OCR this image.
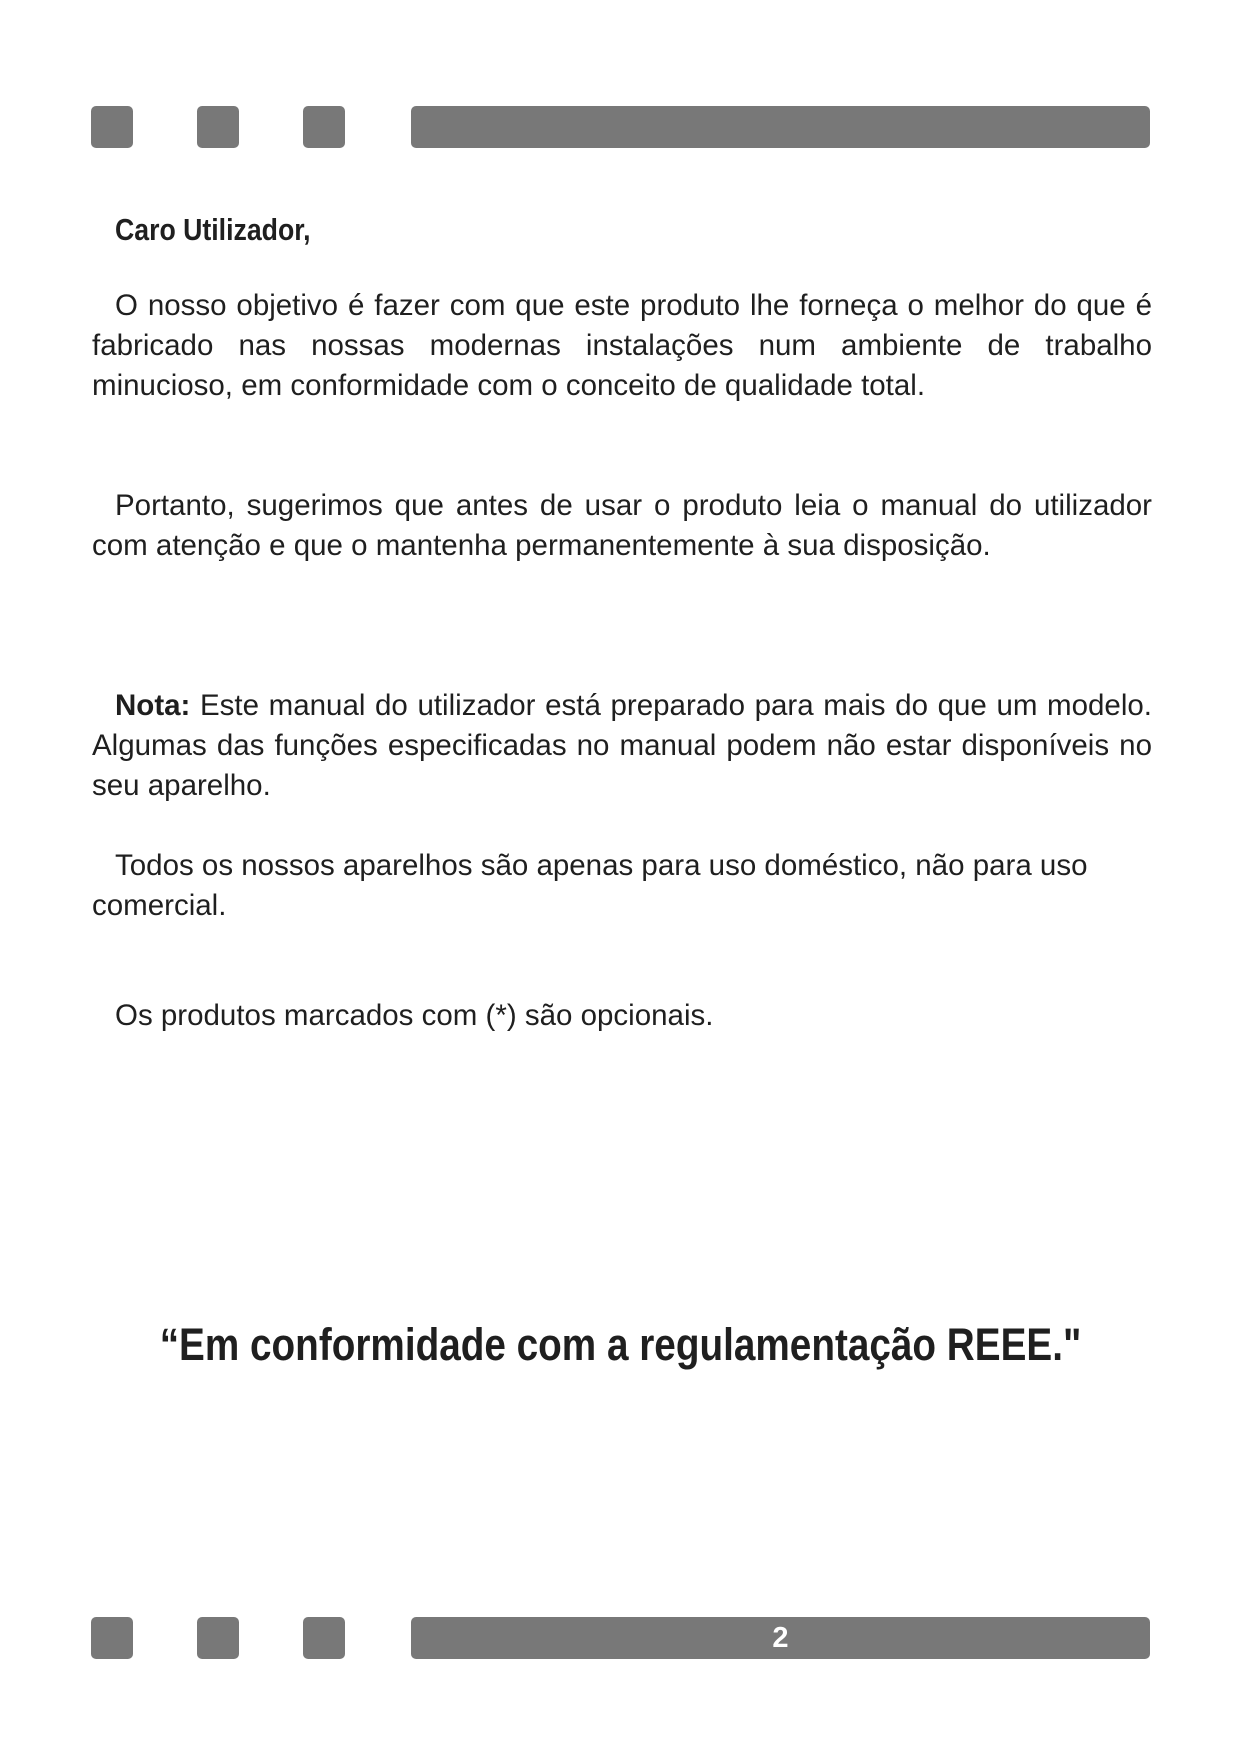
Caro Utilizador,

O nosso objetivo é fazer com que este produto lhe forneça o melhor do que é fabricado nas nossas modernas instalações num ambiente de trabalho minucioso, em conformidade com o conceito de qualidade total.

Portanto, sugerimos que antes de usar o produto leia o manual do utilizador com atenção e que o mantenha permanentemente à sua disposição.

Nota: Este manual do utilizador está preparado para mais do que um modelo. Algumas das funções especificadas no manual podem não estar disponíveis no seu aparelho.

Todos os nossos aparelhos são apenas para uso doméstico, não para uso comercial.

Os produtos marcados com (*) são opcionais.

“Em conformidade com a regulamentação REEE."

2
